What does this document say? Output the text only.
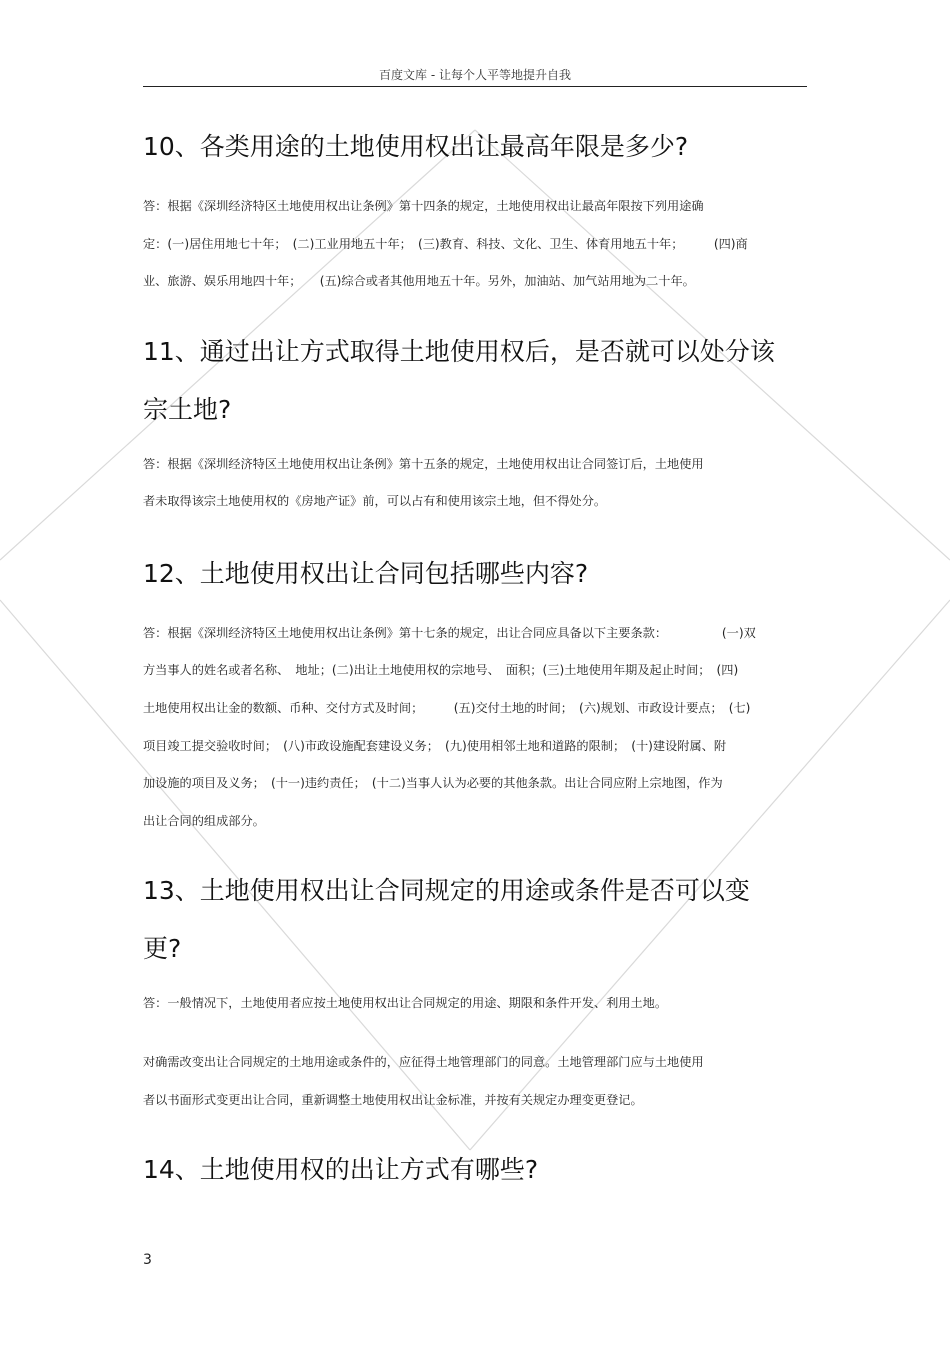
百度文库 - 让每个人平等地提升自我
10、各类用途的土地使用权出让最高年限是多少?

答：根据《深圳经济特区土地使用权出让条例》第十四条的规定，土地使用权出让最高年限按下列用途确

定：(一)居住用地七十年；　(二)工业用地五十年；　(三)教育、科技、文化、卫生、体育用地五十年；　　　(四)商

业、旅游、娱乐用地四十年；　　(五)综合或者其他用地五十年。另外，加油站、加气站用地为二十年。

11、通过出让方式取得土地使用权后，是否就可以处分该宗土地?

答：根据《深圳经济特区土地使用权出让条例》第十五条的规定，土地使用权出让合同签订后，土地使用

者未取得该宗土地使用权的《房地产证》前，可以占有和使用该宗土地，但不得处分。

12、土地使用权出让合同包括哪些内容?

答：根据《深圳经济特区土地使用权出让条例》第十七条的规定，出让合同应具备以下主要条款：　　　　　(一)双

方当事人的姓名或者名称、　地址；(二)出让土地使用权的宗地号、　面积；(三)土地使用年期及起止时间；　(四)

土地使用权出让金的数额、币种、交付方式及时间；　　　(五)交付土地的时间；　(六)规划、市政设计要点；　(七)

项目竣工提交验收时间；　(八)市政设施配套建设义务；　(九)使用相邻土地和道路的限制；　(十)建设附属、附

加设施的项目及义务；　(十一)违约责任；　(十二)当事人认为必要的其他条款。出让合同应附上宗地图，作为

出让合同的组成部分。

13、土地使用权出让合同规定的用途或条件是否可以变更?

答：一般情况下，土地使用者应按土地使用权出让合同规定的用途、期限和条件开发、利用土地。

对确需改变出让合同规定的土地用途或条件的，应征得土地管理部门的同意。土地管理部门应与土地使用

者以书面形式变更出让合同，重新调整土地使用权出让金标准，并按有关规定办理变更登记。

14、土地使用权的出让方式有哪些?
3
